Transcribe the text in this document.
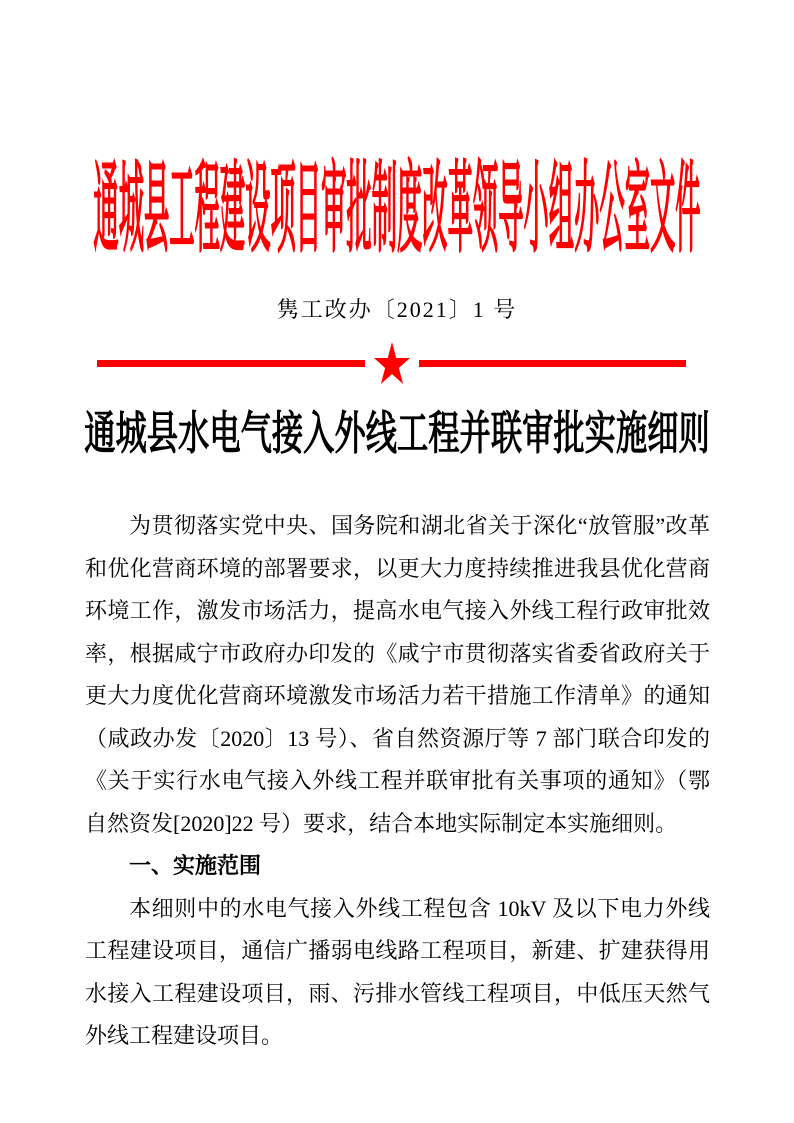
通城县工程建设项目审批制度改革领导小组办公室文件
隽工改办〔2021〕1 号
通城县水电气接入外线工程并联审批实施细则

为贯彻落实党中央、国务院和湖北省关于深化“放管服”改革和优化营商环境的部署要求，以更大力度持续推进我县优化营商环境工作，激发市场活力，提高水电气接入外线工程行政审批效率，根据咸宁市政府办印发的《咸宁市贯彻落实省委省政府关于更大力度优化营商环境激发市场活力若干措施工作清单》的通知（咸政办发〔2020〕13 号）、省自然资源厅等 7 部门联合印发的《关于实行水电气接入外线工程并联审批有关事项的通知》（鄂自然资发[2020]22 号）要求，结合本地实际制定本实施细则。

一、实施范围

本细则中的水电气接入外线工程包含 10kV 及以下电力外线工程建设项目，通信广播弱电线路工程项目，新建、扩建获得用水接入工程建设项目，雨、污排水管线工程项目，中低压天然气外线工程建设项目。
